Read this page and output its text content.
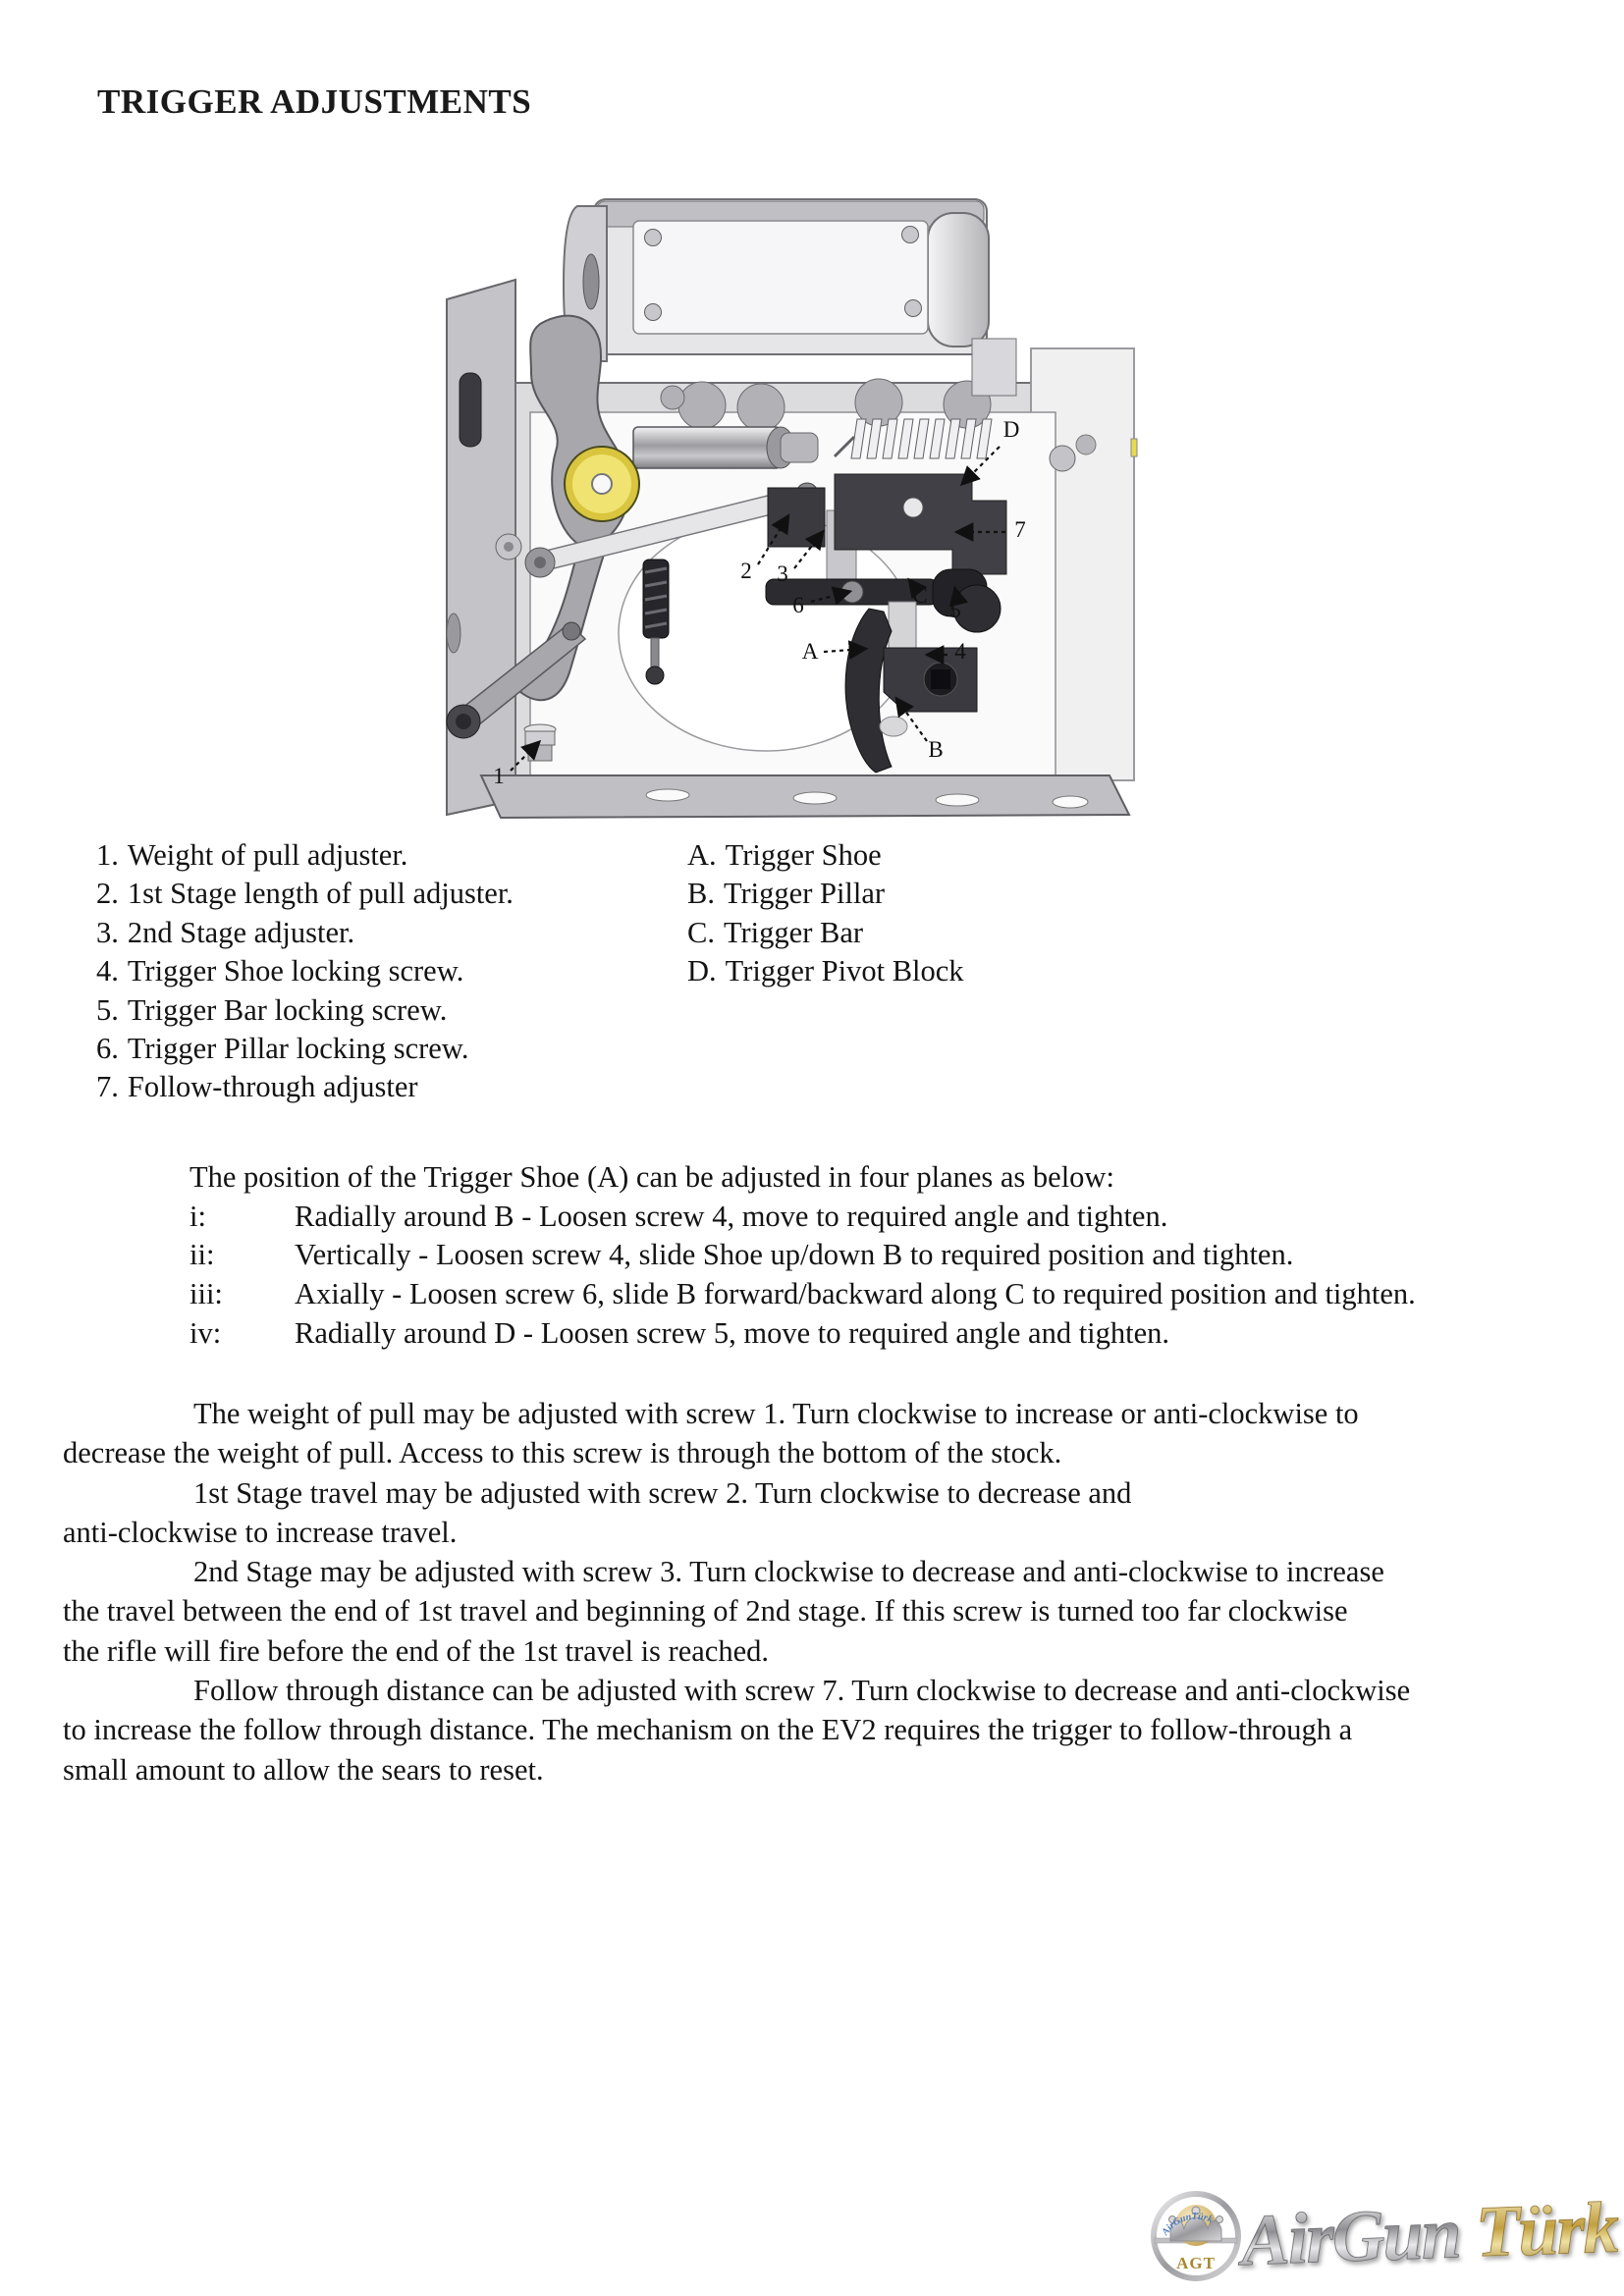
TRIGGER ADJUSTMENTS
1
2 3
6	C
5
A	4
B
7
D
1. Weight of pull adjuster.
2. 1st Stage length of pull adjuster.
3. 2nd Stage adjuster.
4. Trigger Shoe locking screw.
5. Trigger Bar locking screw.
6. Trigger Pillar locking screw.
7. Follow-through adjuster
A. Trigger Shoe
B. Trigger Pillar
C. Trigger Bar
D. Trigger Pivot Block
The position of the Trigger Shoe (A) can be adjusted in four planes as below:
i:	Radially around B - Loosen screw 4, move to required angle and tighten.
ii:	Vertically - Loosen screw 4, slide Shoe up/down B to required position and tighten.
iii:	Axially - Loosen screw 6, slide B forward/backward along C to required position and tighten.
iv:	Radially around D - Loosen screw 5, move to required angle and tighten.
The weight of pull may be adjusted with screw 1. Turn clockwise to increase or anti-clockwise to
decrease the weight of pull. Access to this screw is through the bottom of the stock.
1st Stage travel may be adjusted with screw 2. Turn clockwise to decrease and
anti-clockwise to increase travel.
2nd Stage may be adjusted with screw 3. Turn clockwise to decrease and anti-clockwise to increase
the travel between the end of 1st travel and beginning of 2nd stage. If this screw is turned too far clockwise
the rifle will fire before the end of the 1st travel is reached.
Follow through distance can be adjusted with screw 7. Turn clockwise to decrease and anti-clockwise
to increase the follow through distance. The mechanism on the EV2 requires the trigger to follow-through a
small amount to allow the sears to reset.
AirGunTürk
AGT AirGun Türk
